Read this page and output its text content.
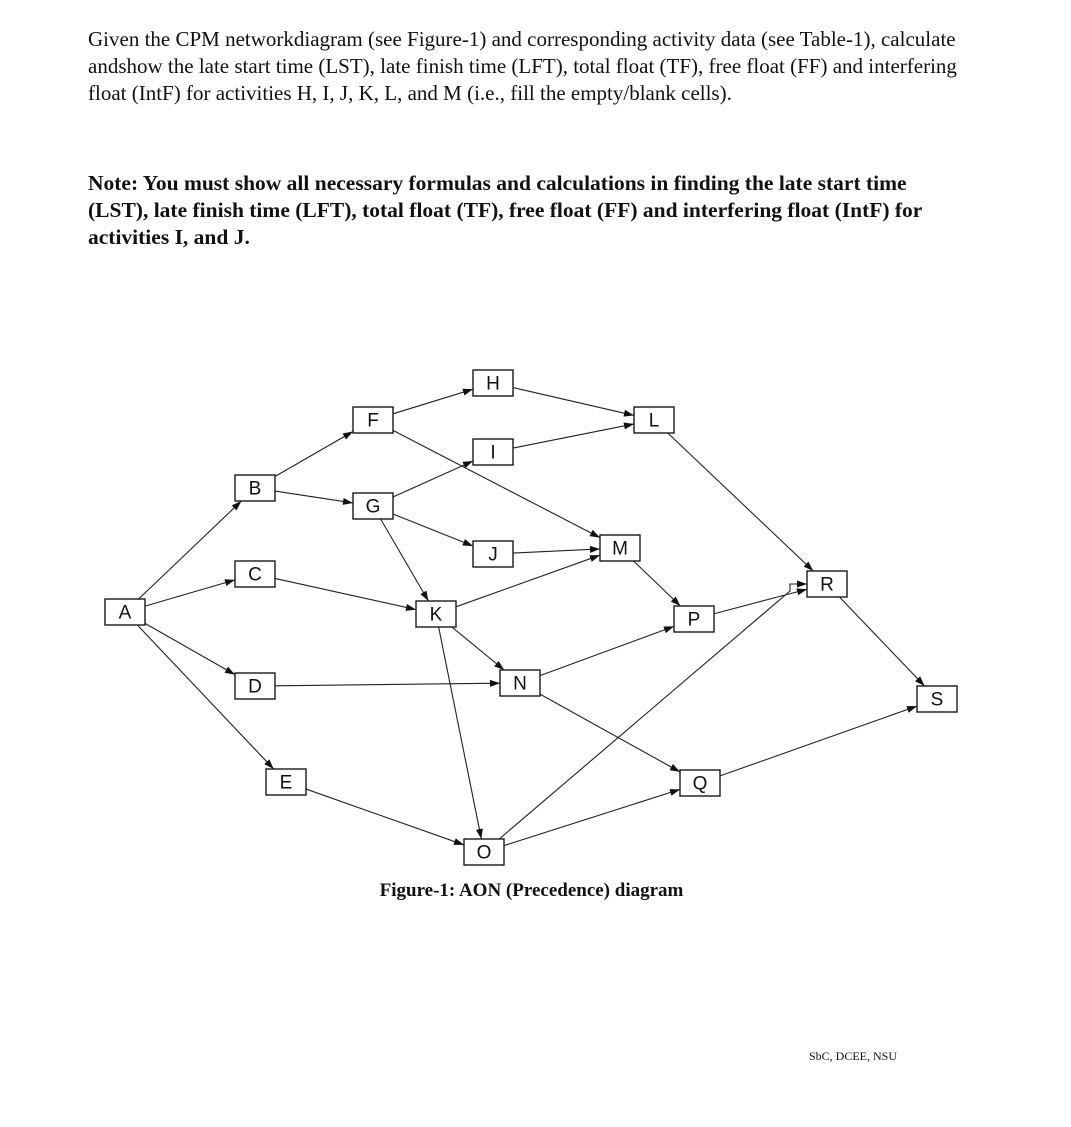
Given the CPM networkdiagram (see Figure-1) and corresponding activity data (see Table-1), calculate andshow the late start time (LST), late finish time (LFT), total float (TF), free float (FF) and interfering float (IntF) for activities H, I, J, K, L, and M (i.e., fill the empty/blank cells).

Note: You must show all necessary formulas and calculations in finding the late start time (LST), late finish time (LFT), total float (TF), free float (FF) and interfering float (IntF) for activities I, and J.

A
B
C
D
E
F
G
H
I
J
K
L
M
N
O
P
Q
R
S
Figure-1: AON (Precedence) diagram
SbC, DCEE, NSU
